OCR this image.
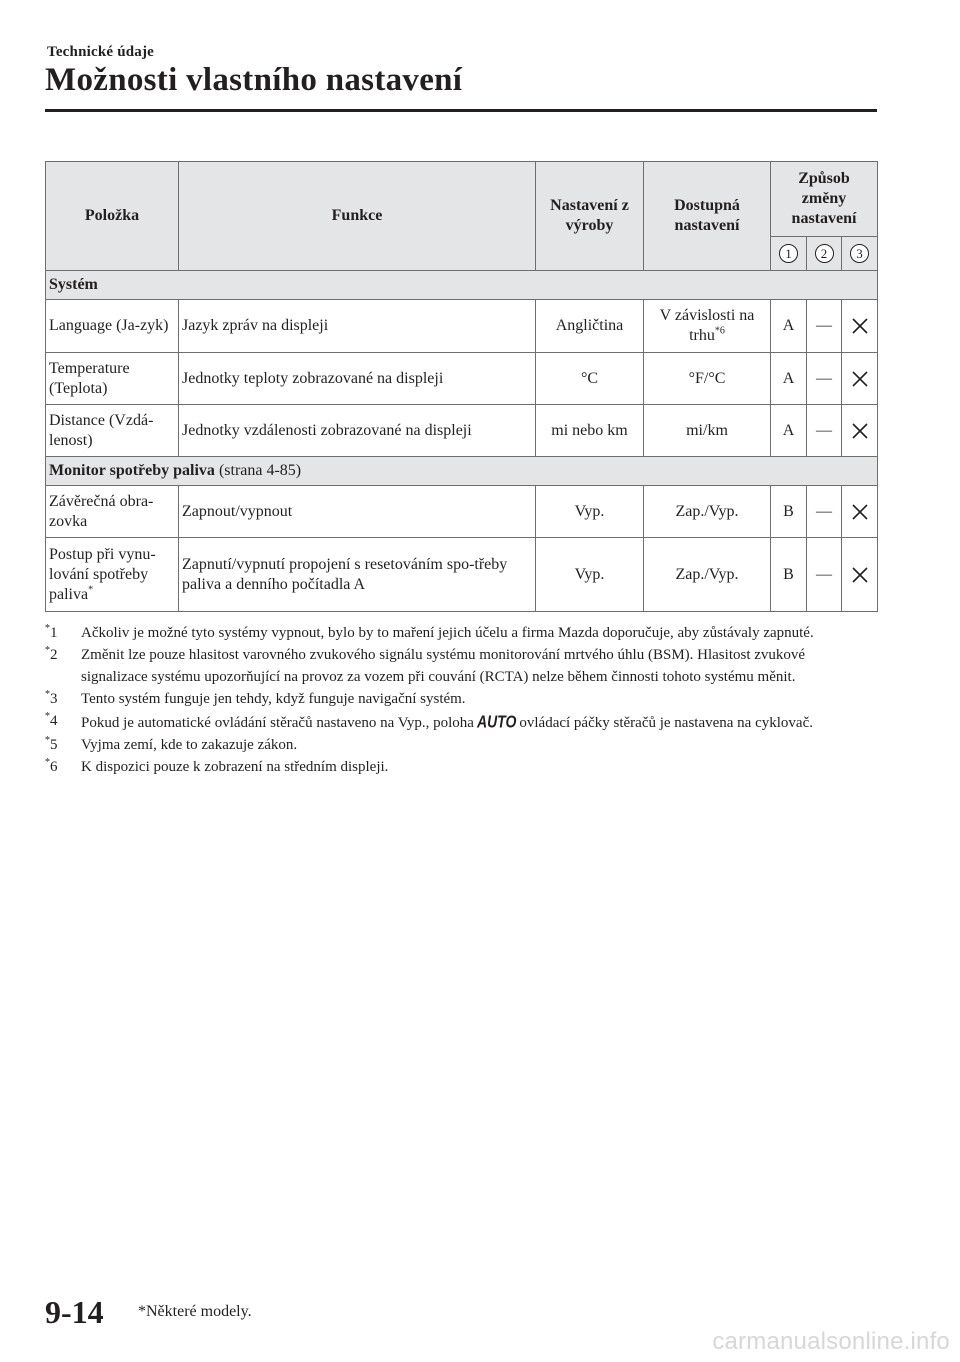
Technické údaje
Možnosti vlastního nastavení
Položka	Funkce	Nastavení z výroby	Dostupná nastavení	Způsob změny nastavení		
				1	2	3
Systém						
Language (Ja-zyk)	Jazyk zpráv na displeji	Angličtina	V závislosti na trhu$^{*6}$	A	—	
Temperature (Teplota)	Jednotky teploty zobrazované na displeji	°C	°F/°C	A	—	
Distance (Vzdá-lenost)	Jednotky vzdálenosti zobrazované na displeji	mi nebo km	mi/km	A	—	
Monitor spotřeby paliva (strana 4-85)						
Závěrečná obra-zovka	Zapnout/vypnout	Vyp.	Zap./Vyp.	B	—	
Postup při vynu-lování spotřeby paliva*	Zapnutí/vypnutí propojení s resetováním spo-třeby paliva a denního počítadla A	Vyp.	Zap./Vyp.	B	—	
*1	Ačkoliv je možné tyto systémy vypnout, bylo by to maření jejich účelu a firma Mazda doporučuje, aby zůstávaly zapnuté.
*2	Změnit lze pouze hlasitost varovného zvukového signálu systému monitorování mrtvého úhlu (BSM). Hlasitost zvukové signalizace systému upozorňující na provoz za vozem při couvání (RCTA) nelze během činnosti tohoto systému měnit.
*3	Tento systém funguje jen tehdy, když funguje navigační systém.
*4	Pokud je automatické ovládání stěračů nastaveno na Vyp., poloha AUTO ovládací páčky stěračů je nastavena na cyklovač.
*5	Vyjma zemí, kde to zakazuje zákon.
*6	K dispozici pouze k zobrazení na středním displeji.
9-14 *Některé modely.
carmanualsonline.info
